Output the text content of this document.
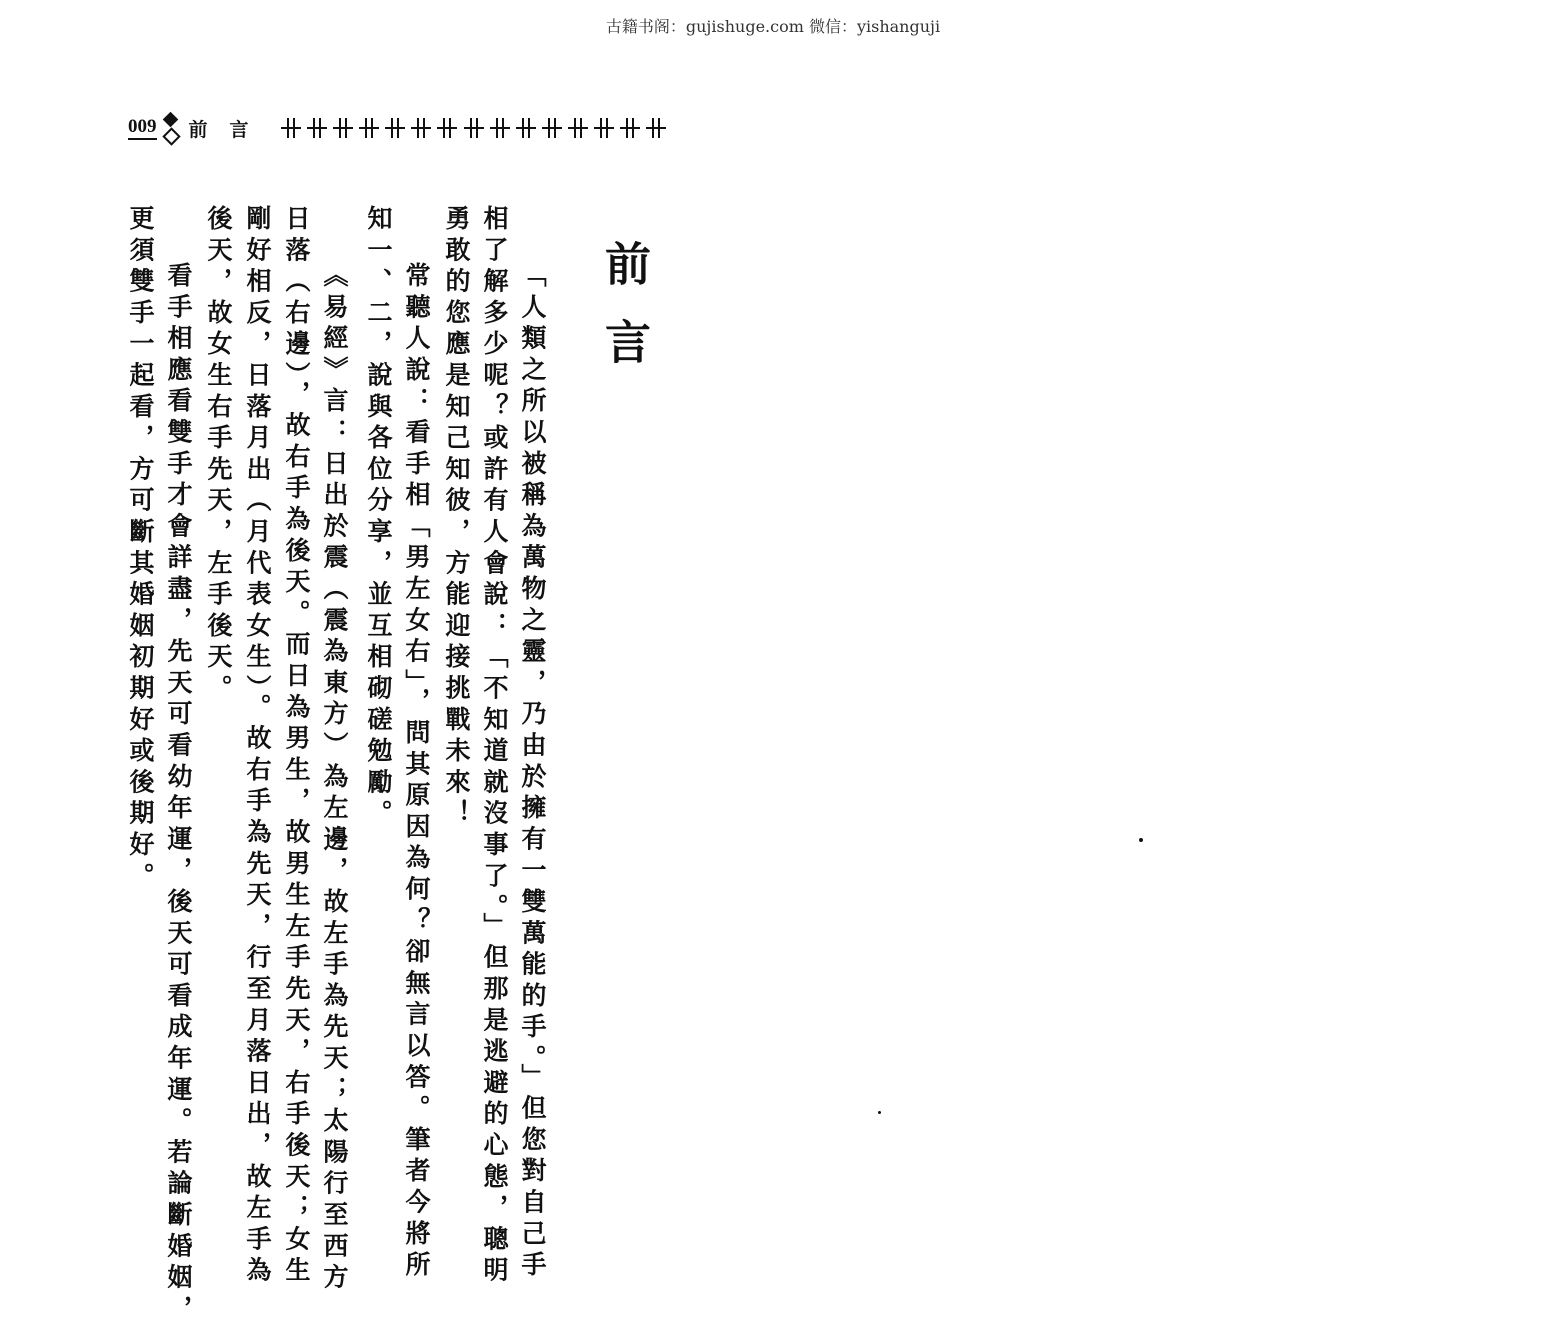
古籍书阁：gujishuge.com 微信：yishanguji
009 前言
前言
「人類之所以被稱為萬物之靈，乃由於擁有一雙萬能的手。」但您對自己手
相了解多少呢？或許有人會說：「不知道就沒事了。」但那是逃避的心態，聰明
勇敢的您應是知己知彼，方能迎接挑戰未來！
常聽人說：看手相「男左女右」，問其原因為何？卻無言以答。筆者今將所
知一、二，說與各位分享，並互相砌磋勉勵。
《易經》言：日出於震（震為東方）為左邊，故左手為先天；太陽行至西方
日落（右邊），故右手為後天。而日為男生，故男生左手先天，右手後天；女生
剛好相反，日落月出（月代表女生）。故右手為先天，行至月落日出，故左手為
後天，故女生右手先天，左手後天。
看手相應看雙手才會詳盡，先天可看幼年運，後天可看成年運。若論斷婚姻，
更須雙手一起看，方可斷其婚姻初期好或後期好。
